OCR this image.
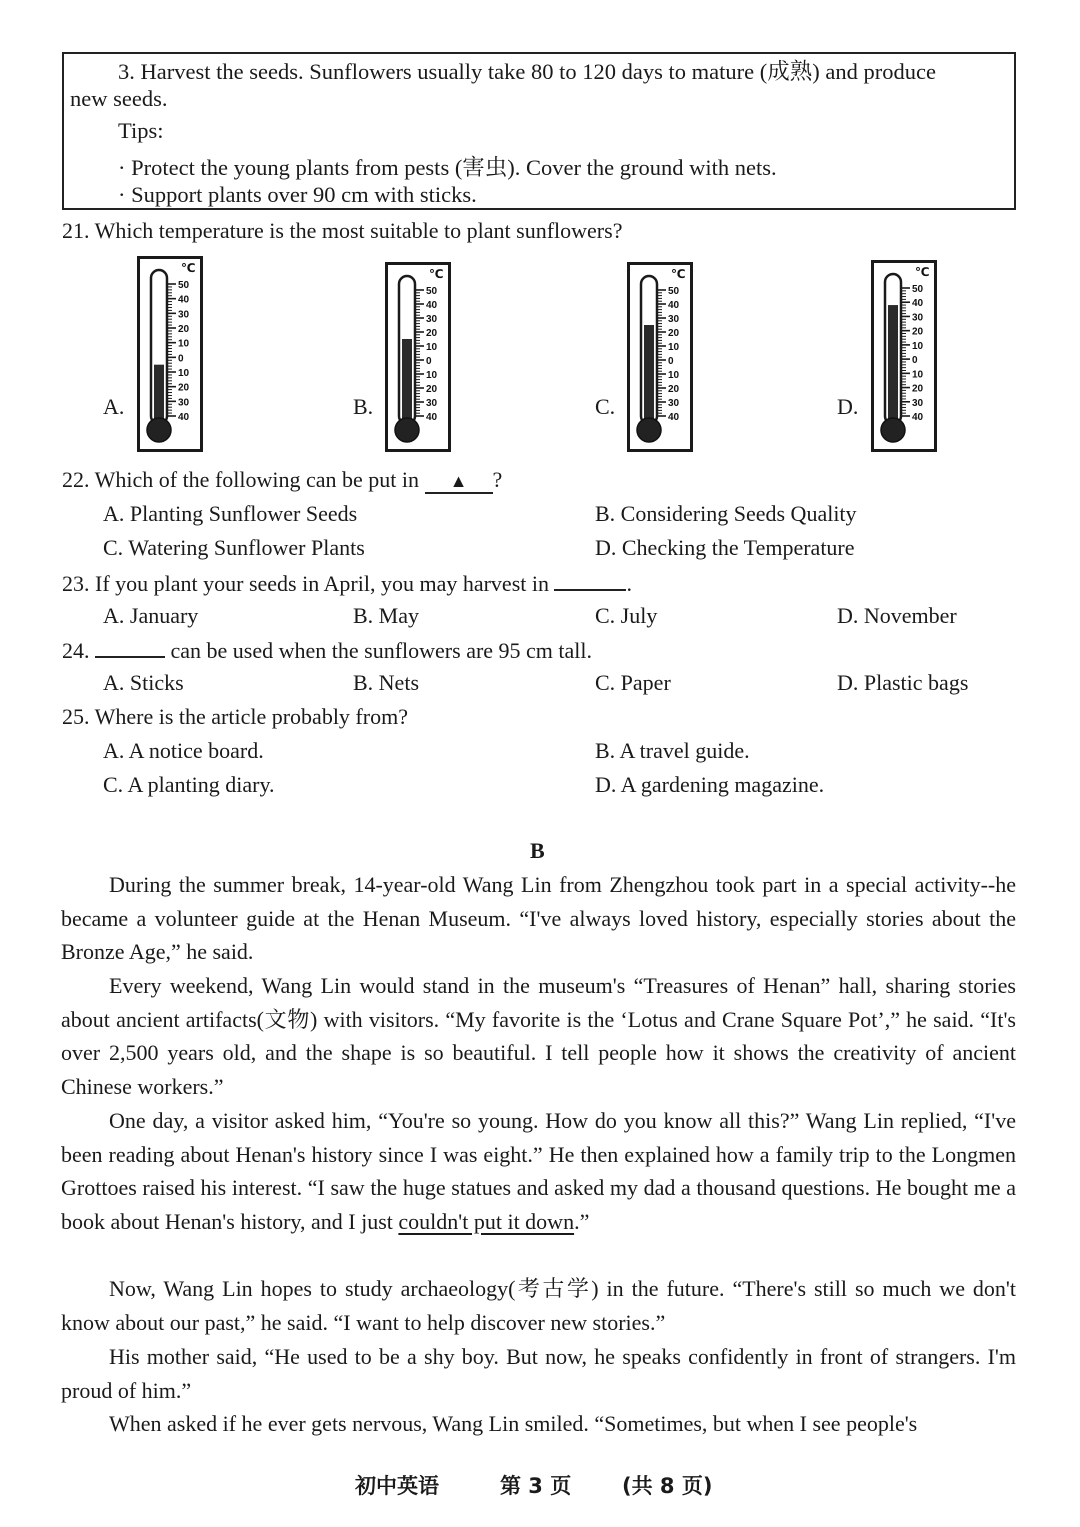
3. Harvest the seeds. Sunflowers usually take 80 to 120 days to mature (成熟) and produce
new seeds.
Tips:
· Protect the young plants from pests (害虫). Cover the ground with nets.
· Support plants over 90 cm with sticks.
21. Which temperature is the most suitable to plant sunflowers?
A.	B.	C.	D.
50
40
30
20
10
0
10
20
30
40
℃
50
40
30
20
10
0
10
20
30
40
℃
50
40
30
20
10
0
10
20
30
40
℃
50
40
30
20
10
0
10
20
30
40
℃
22. Which of the following can be put in ▲ ?
A. Planting Sunflower Seeds	B. Considering Seeds Quality
C. Watering Sunflower Plants	D. Checking the Temperature
23. If you plant your seeds in April, you may harvest in	.
A. January	B. May	C. July	D. November
24.	can be used when the sunflowers are 95 cm tall.
A. Sticks	B. Nets	C. Paper	D. Plastic bags
25. Where is the article probably from?
A. A notice board.	B. A travel guide.
C. A planting diary.	D. A gardening magazine.
B
During the summer break, 14-year-old Wang Lin from Zhengzhou took part in a special activity--he became a volunteer guide at the Henan Museum. “I've always loved history, especially stories about the Bronze Age,” he said.
Every weekend, Wang Lin would stand in the museum's “Treasures of Henan” hall, sharing stories about ancient artifacts(文物) with visitors. “My favorite is the ‘Lotus and Crane Square Pot’,” he said. “It's over 2,500 years old, and the shape is so beautiful. I tell people how it shows the creativity of ancient Chinese workers.”
One day, a visitor asked him, “You're so young. How do you know all this?” Wang Lin replied, “I've been reading about Henan's history since I was eight.” He then explained how a family trip to the Longmen Grottoes raised his interest. “I saw the huge statues and asked my dad a thousand questions. He bought me a book about Henan's history, and I just couldn't put it down.”
Now, Wang Lin hopes to study archaeology(考古学) in the future. “There's still so much we don't know about our past,” he said. “I want to help discover new stories.”
His mother said, “He used to be a shy boy. But now, he speaks confidently in front of strangers. I'm proud of him.”
When asked if he ever gets nervous, Wang Lin smiled. “Sometimes, but when I see people's
初中英语	第 3 页 (共 8 页)
